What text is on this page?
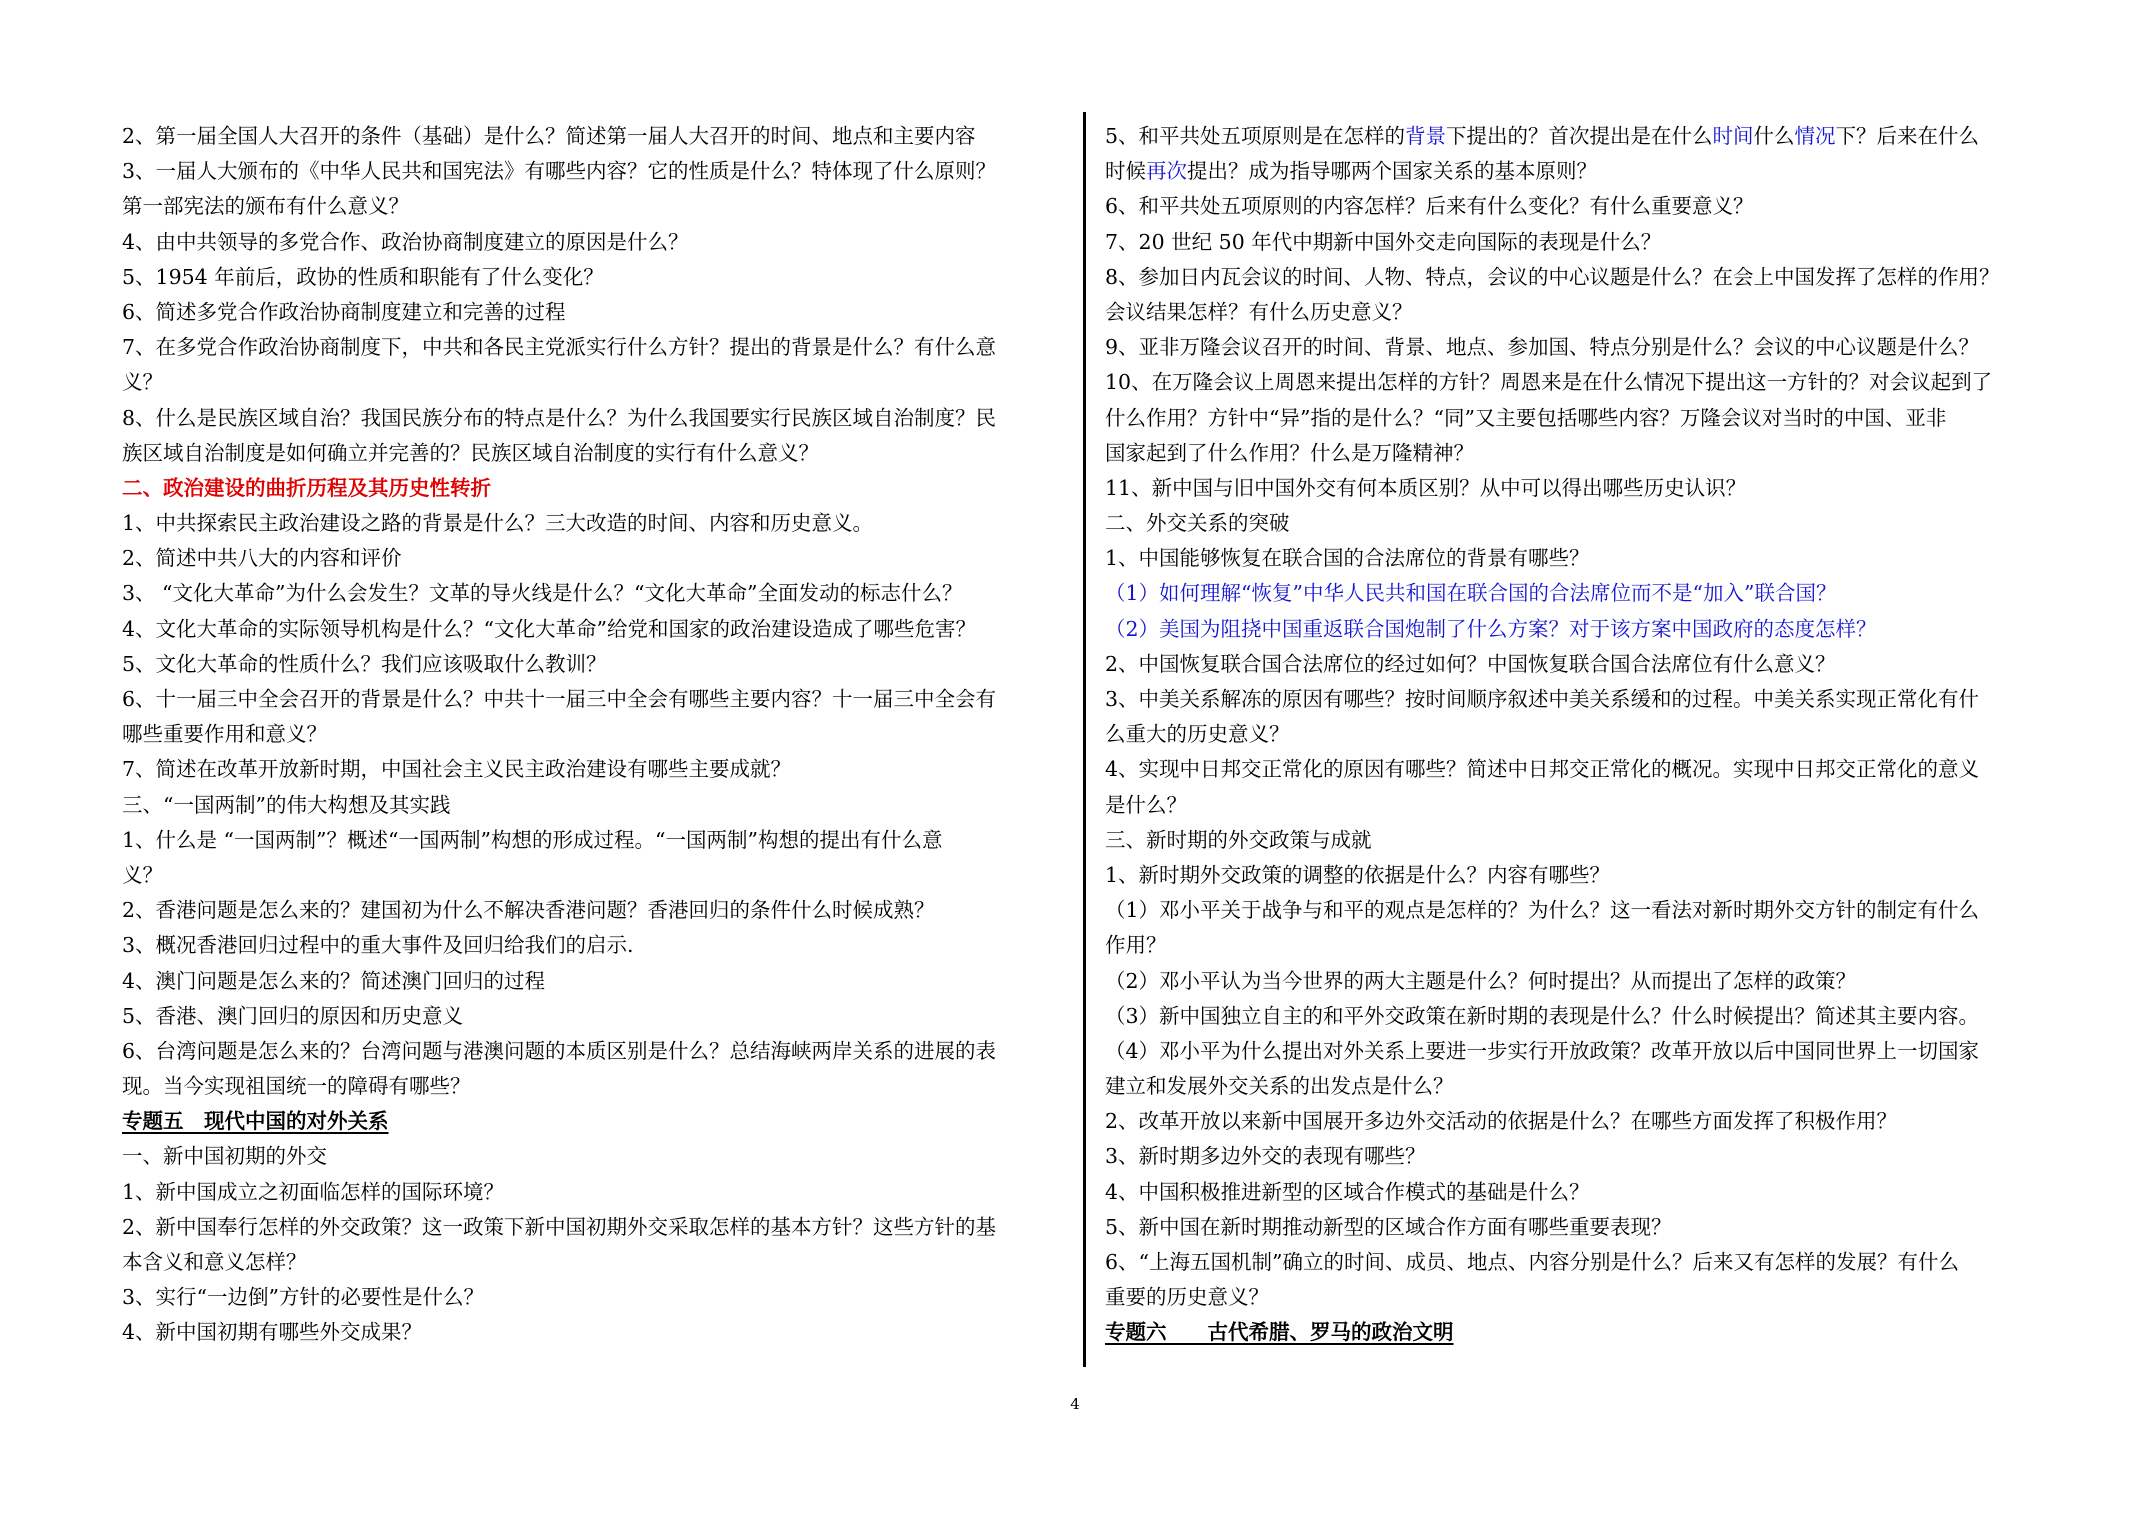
2、第一届全国人大召开的条件（基础）是什么？简述第一届人大召开的时间、地点和主要内容
3、一届人大颁布的《中华人民共和国宪法》有哪些内容？它的性质是什么？特体现了什么原则？
第一部宪法的颁布有什么意义？
4、由中共领导的多党合作、政治协商制度建立的原因是什么？
5、1954 年前后，政协的性质和职能有了什么变化？
6、简述多党合作政治协商制度建立和完善的过程
7、在多党合作政治协商制度下，中共和各民主党派实行什么方针？提出的背景是什么？有什么意
义？
8、什么是民族区域自治？我国民族分布的特点是什么？为什么我国要实行民族区域自治制度？民
族区域自治制度是如何确立并完善的？民族区域自治制度的实行有什么意义？
二、政治建设的曲折历程及其历史性转折
1、中共探索民主政治建设之路的背景是什么？三大改造的时间、内容和历史意义。
2、简述中共八大的内容和评价
3、 “文化大革命”为什么会发生？文革的导火线是什么？“文化大革命”全面发动的标志什么？
4、文化大革命的实际领导机构是什么？“文化大革命”给党和国家的政治建设造成了哪些危害？
5、文化大革命的性质什么？我们应该吸取什么教训？
6、十一届三中全会召开的背景是什么？中共十一届三中全会有哪些主要内容？十一届三中全会有
哪些重要作用和意义？
7、简述在改革开放新时期，中国社会主义民主政治建设有哪些主要成就？
三、“一国两制”的伟大构想及其实践
1、什么是 “一国两制”？概述“一国两制”构想的形成过程。“一国两制”构想的提出有什么意
义？
2、香港问题是怎么来的？建国初为什么不解决香港问题？香港回归的条件什么时候成熟？
3、概况香港回归过程中的重大事件及回归给我们的启示.
4、澳门问题是怎么来的？简述澳门回归的过程
5、香港、澳门回归的原因和历史意义
6、台湾问题是怎么来的？台湾问题与港澳问题的本质区别是什么？总结海峡两岸关系的进展的表
现。当今实现祖国统一的障碍有哪些？
专题五　现代中国的对外关系
一、新中国初期的外交
1、新中国成立之初面临怎样的国际环境？
2、新中国奉行怎样的外交政策？这一政策下新中国初期外交采取怎样的基本方针？这些方针的基
本含义和意义怎样？
3、实行“一边倒”方针的必要性是什么？
4、新中国初期有哪些外交成果？
5、和平共处五项原则是在怎样的背景下提出的？首次提出是在什么时间什么情况下？后来在什么
时候再次提出？成为指导哪两个国家关系的基本原则？
6、和平共处五项原则的内容怎样？后来有什么变化？有什么重要意义？
7、20 世纪 50 年代中期新中国外交走向国际的表现是什么？
8、参加日内瓦会议的时间、人物、特点，会议的中心议题是什么？在会上中国发挥了怎样的作用？
会议结果怎样？有什么历史意义？
9、亚非万隆会议召开的时间、背景、地点、参加国、特点分别是什么？会议的中心议题是什么？
10、在万隆会议上周恩来提出怎样的方针？周恩来是在什么情况下提出这一方针的？对会议起到了
什么作用？方针中“异”指的是什么？“同”又主要包括哪些内容？万隆会议对当时的中国、亚非
国家起到了什么作用？什么是万隆精神？
11、新中国与旧中国外交有何本质区别？从中可以得出哪些历史认识？
二、外交关系的突破
1、中国能够恢复在联合国的合法席位的背景有哪些？
（1）如何理解“恢复”中华人民共和国在联合国的合法席位而不是“加入”联合国？
（2）美国为阻挠中国重返联合国炮制了什么方案？对于该方案中国政府的态度怎样？
2、中国恢复联合国合法席位的经过如何？中国恢复联合国合法席位有什么意义？
3、中美关系解冻的原因有哪些？按时间顺序叙述中美关系缓和的过程。中美关系实现正常化有什
么重大的历史意义？
4、实现中日邦交正常化的原因有哪些？简述中日邦交正常化的概况。实现中日邦交正常化的意义
是什么？
三、新时期的外交政策与成就
1、新时期外交政策的调整的依据是什么？内容有哪些？
（1）邓小平关于战争与和平的观点是怎样的？为什么？这一看法对新时期外交方针的制定有什么
作用？
（2）邓小平认为当今世界的两大主题是什么？何时提出？从而提出了怎样的政策？
（3）新中国独立自主的和平外交政策在新时期的表现是什么？什么时候提出？简述其主要内容。
（4）邓小平为什么提出对外关系上要进一步实行开放政策？改革开放以后中国同世界上一切国家
建立和发展外交关系的出发点是什么？
2、改革开放以来新中国展开多边外交活动的依据是什么？在哪些方面发挥了积极作用？
3、新时期多边外交的表现有哪些？
4、中国积极推进新型的区域合作模式的基础是什么？
5、新中国在新时期推动新型的区域合作方面有哪些重要表现？
6、“上海五国机制”确立的时间、成员、地点、内容分别是什么？后来又有怎样的发展？有什么
重要的历史意义？
专题六　　古代希腊、罗马的政治文明
4
